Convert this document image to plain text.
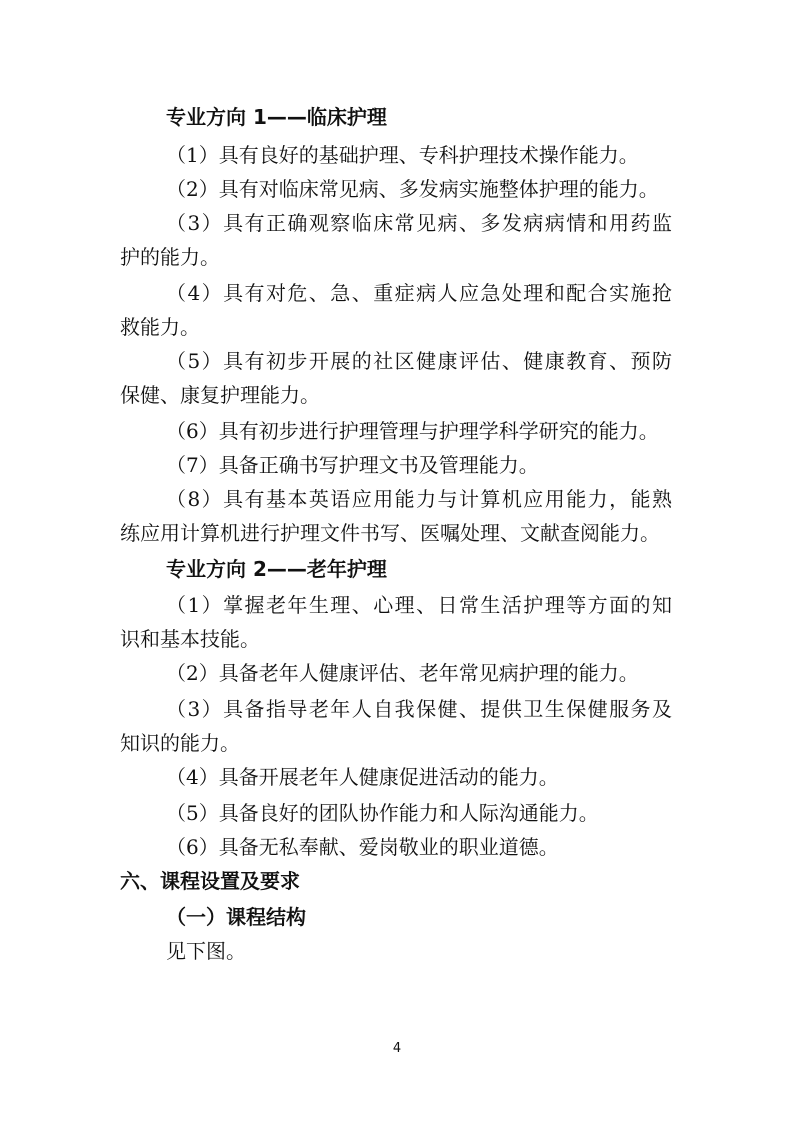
专业方向 1——临床护理
（1）具有良好的基础护理、专科护理技术操作能力。
（2）具有对临床常见病、多发病实施整体护理的能力。
（3）具有正确观察临床常见病、多发病病情和用药监
护的能力。
（4）具有对危、急、重症病人应急处理和配合实施抢
救能力。
（5）具有初步开展的社区健康评估、健康教育、预防
保健、康复护理能力。
（6）具有初步进行护理管理与护理学科学研究的能力。
（7）具备正确书写护理文书及管理能力。
（8）具有基本英语应用能力与计算机应用能力，能熟
练应用计算机进行护理文件书写、医嘱处理、文献查阅能力。
专业方向 2——老年护理
（1）掌握老年生理、心理、日常生活护理等方面的知
识和基本技能。
（2）具备老年人健康评估、老年常见病护理的能力。
（3）具备指导老年人自我保健、提供卫生保健服务及
知识的能力。
（4）具备开展老年人健康促进活动的能力。
（5）具备良好的团队协作能力和人际沟通能力。
（6）具备无私奉献、爱岗敬业的职业道德。
六、课程设置及要求
（一）课程结构
见下图。
4
